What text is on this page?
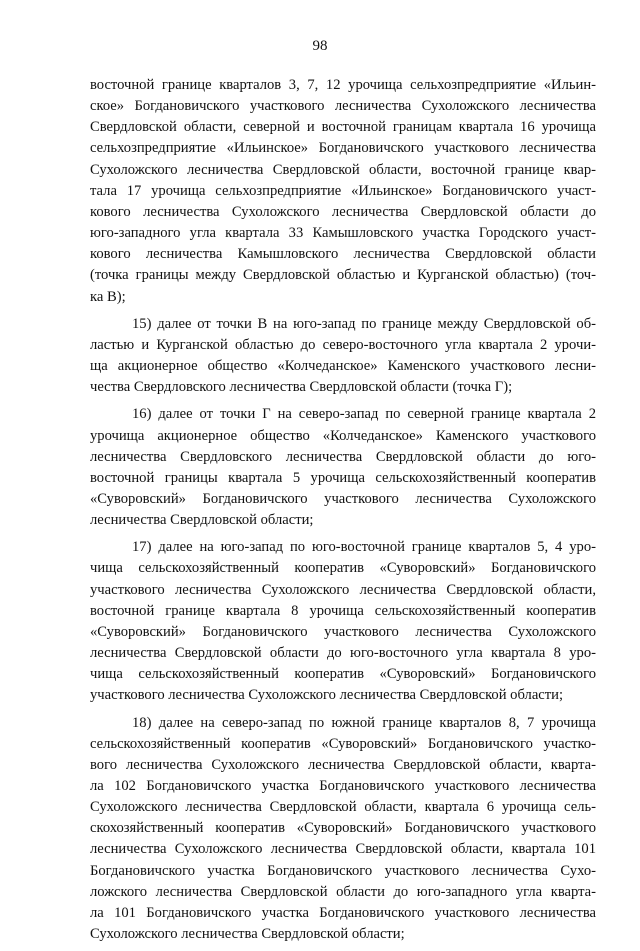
98

восточной границе кварталов 3, 7, 12 урочища сельхозпредприятие «Ильин-
ское» Богдановичского участкового лесничества Сухоложского лесничества
Свердловской области, северной и восточной границам квартала 16 урочища
сельхозпредприятие «Ильинское» Богдановичского участкового лесничества
Сухоложского лесничества Свердловской области, восточной границе квар-
тала 17 урочища сельхозпредприятие «Ильинское» Богдановичского участ-
кового лесничества Сухоложского лесничества Свердловской области до
юго-западного угла квартала 33 Камышловского участка Городского участ-
кового лесничества Камышловского лесничества Свердловской области
(точка границы между Свердловской областью и Курганской областью) (точ-
ка В);

15) далее от точки В на юго-запад по границе между Свердловской об-
ластью и Курганской областью до северо-восточного угла квартала 2 урочи-
ща акционерное общество «Колчеданское» Каменского участкового лесни-
чества Свердловского лесничества Свердловской области (точка Г);

16) далее от точки Г на северо-запад по северной границе квартала 2
урочища акционерное общество «Колчеданское» Каменского участкового
лесничества Свердловского лесничества Свердловской области до юго-
восточной границы квартала 5 урочища сельскохозяйственный кооператив
«Суворовский» Богдановичского участкового лесничества Сухоложского
лесничества Свердловской области;

17) далее на юго-запад по юго-восточной границе кварталов 5, 4 уро-
чища сельскохозяйственный кооператив «Суворовский» Богдановичского
участкового лесничества Сухоложского лесничества Свердловской области,
восточной границе квартала 8 урочища сельскохозяйственный кооператив
«Суворовский» Богдановичского участкового лесничества Сухоложского
лесничества Свердловской области до юго-восточного угла квартала 8 уро-
чища сельскохозяйственный кооператив «Суворовский» Богдановичского
участкового лесничества Сухоложского лесничества Свердловской области;

18) далее на северо-запад по южной границе кварталов 8, 7 урочища
сельскохозяйственный кооператив «Суворовский» Богдановичского участко-
вого лесничества Сухоложского лесничества Свердловской области, кварта-
ла 102 Богдановичского участка Богдановичского участкового лесничества
Сухоложского лесничества Свердловской области, квартала 6 урочища сель-
скохозяйственный кооператив «Суворовский» Богдановичского участкового
лесничества Сухоложского лесничества Свердловской области, квартала 101
Богдановичского участка Богдановичского участкового лесничества Сухо-
ложского лесничества Свердловской области до юго-западного угла кварта-
ла 101 Богдановичского участка Богдановичского участкового лесничества
Сухоложского лесничества Свердловской области;
